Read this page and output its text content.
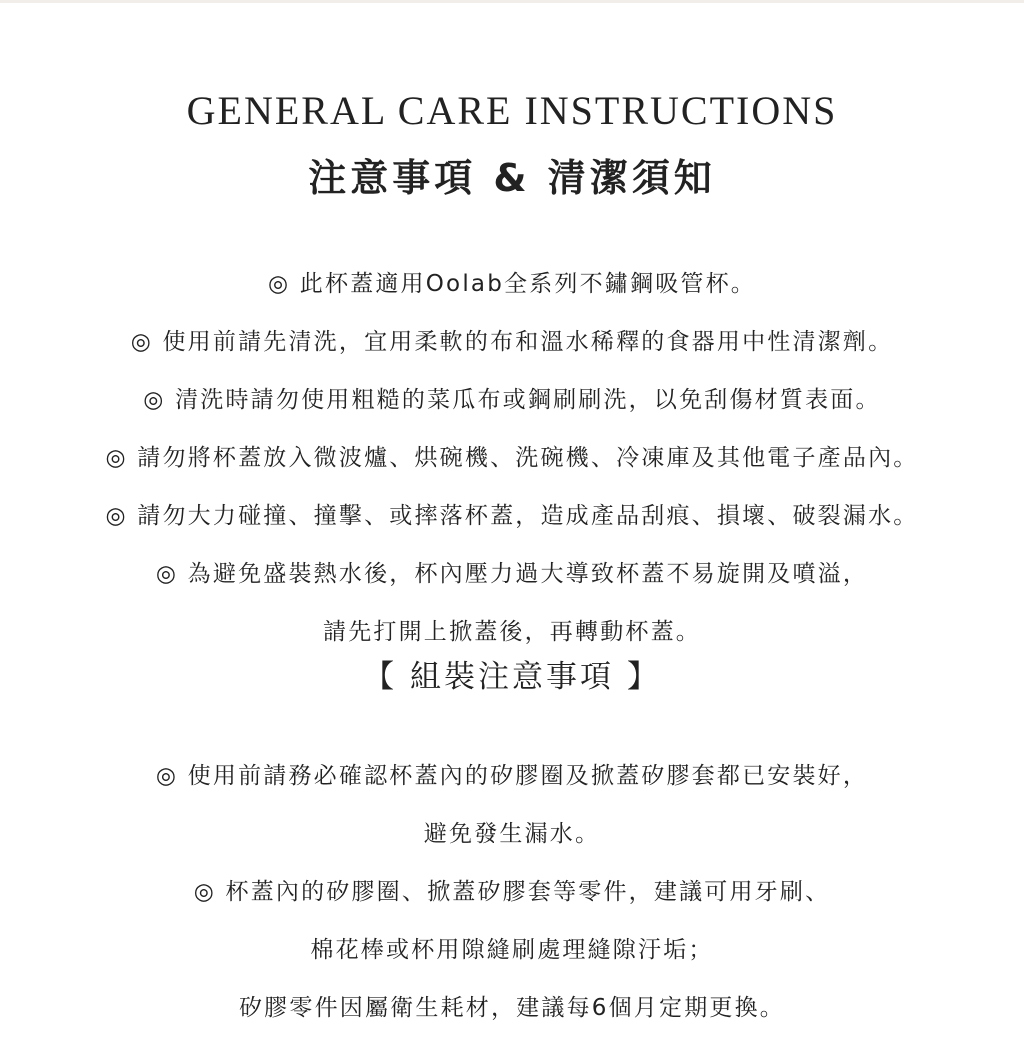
GENERAL CARE INSTRUCTIONS
注意事項 & 清潔須知
◎ 此杯蓋適用Oolab全系列不鏽鋼吸管杯。
◎ 使用前請先清洗，宜用柔軟的布和溫水稀釋的食器用中性清潔劑。
◎ 清洗時請勿使用粗糙的菜瓜布或鋼刷刷洗，以免刮傷材質表面。
◎ 請勿將杯蓋放入微波爐、烘碗機、洗碗機、冷凍庫及其他電子產品內。
◎ 請勿大力碰撞、撞擊、或摔落杯蓋，造成產品刮痕、損壞、破裂漏水。
◎ 為避免盛裝熱水後，杯內壓力過大導致杯蓋不易旋開及噴溢，
請先打開上掀蓋後，再轉動杯蓋。
【 組裝注意事項 】
◎ 使用前請務必確認杯蓋內的矽膠圈及掀蓋矽膠套都已安裝好，
避免發生漏水。
◎ 杯蓋內的矽膠圈、掀蓋矽膠套等零件，建議可用牙刷、
棉花棒或杯用隙縫刷處理縫隙汙垢；
矽膠零件因屬衛生耗材，建議每6個月定期更換。
